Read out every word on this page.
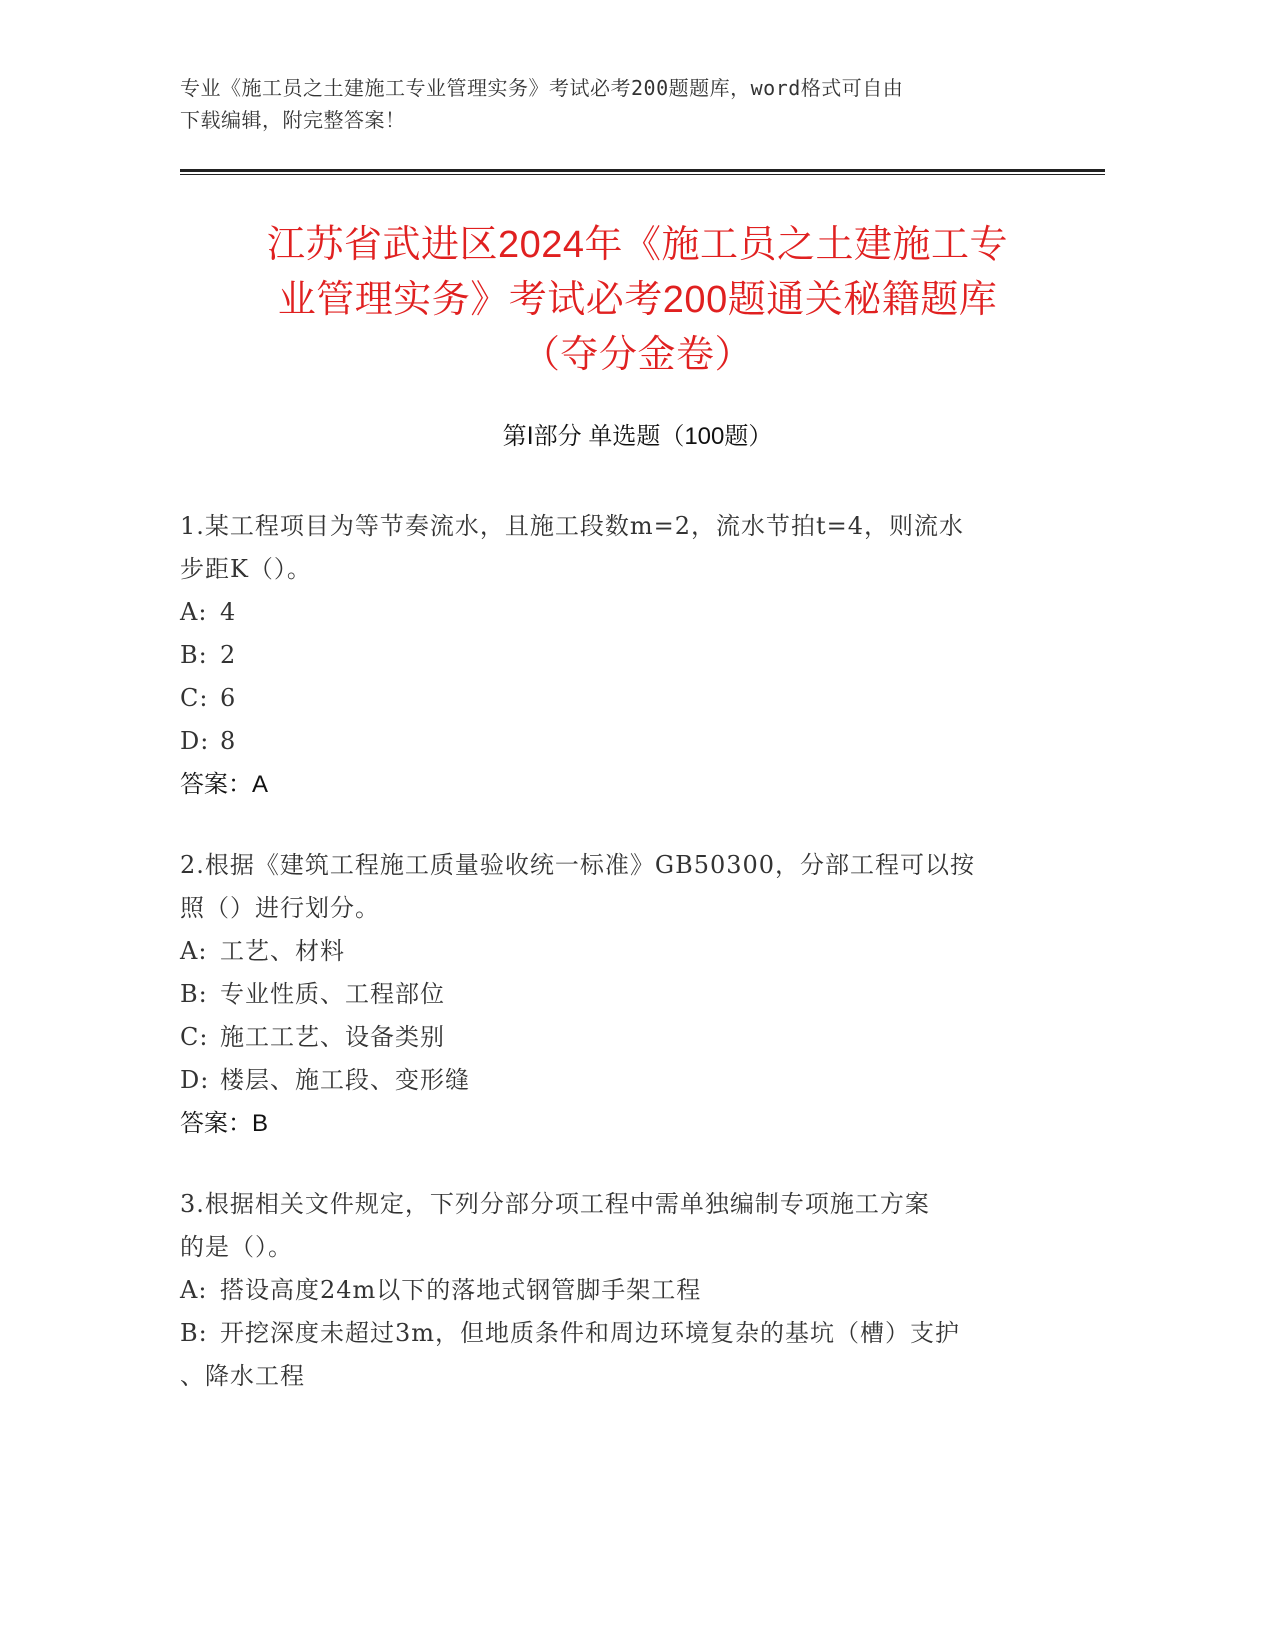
专业《施工员之土建施工专业管理实务》考试必考200题题库，word格式可自由
下载编辑，附完整答案！
江苏省武进区2024年《施工员之土建施工专
业管理实务》考试必考200题通关秘籍题库
（夺分金卷）
第Ⅰ部分 单选题（100题）

1.某工程项目为等节奏流水，且施工段数m=2，流水节拍t=4，则流水

步距K（）。

A: 4

B: 2

C: 6

D: 8

答案：A

2.根据《建筑工程施工质量验收统一标准》GB50300，分部工程可以按

照（）进行划分。

A: 工艺、材料

B: 专业性质、工程部位

C: 施工工艺、设备类别

D: 楼层、施工段、变形缝

答案：B

3.根据相关文件规定，下列分部分项工程中需单独编制专项施工方案

的是（）。

A: 搭设高度24m以下的落地式钢管脚手架工程

B: 开挖深度未超过3m，但地质条件和周边环境复杂的基坑（槽）支护

、降水工程
